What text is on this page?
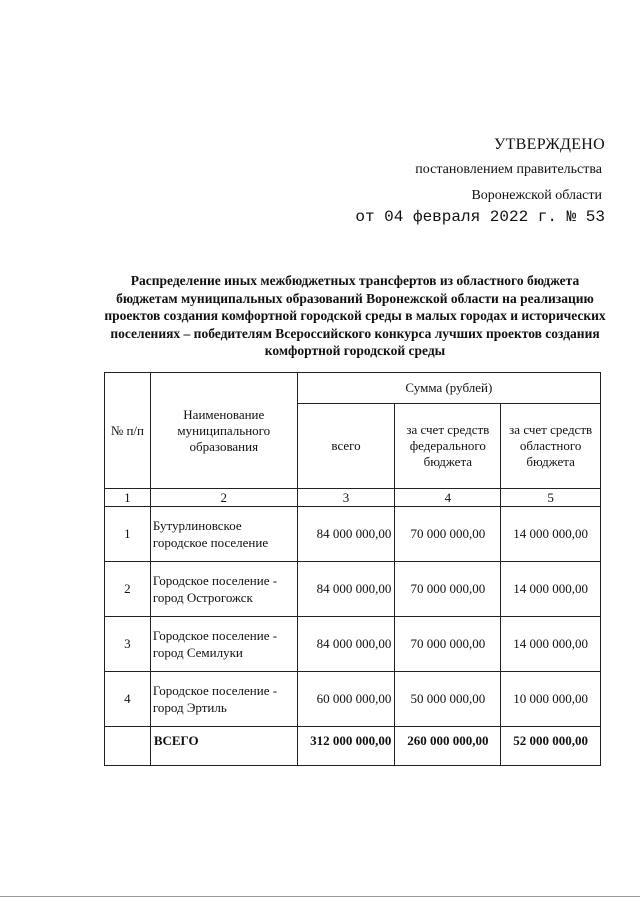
УТВЕРЖДЕНО
постановлением правительства
Воронежской области
от 04 февраля 2022 г. № 53
Распределение иных межбюджетных трансфертов из областного бюджета бюджетам муниципальных образований Воронежской области на реализацию проектов создания комфортной городской среды в малых городах и исторических поселениях – победителям Всероссийского конкурса лучших проектов создания комфортной городской среды
№ п/п	Наименование муниципального образования	Сумма (рублей)		
		всего	за счет средств федерального бюджета	за счет средств областного бюджета
1	2	3	4	5
1	Бутурлиновское городское поселение	84 000 000,00	70 000 000,00	14 000 000,00
2	Городское поселение - город Острогожск	84 000 000,00	70 000 000,00	14 000 000,00
3	Городское поселение - город Семилуки	84 000 000,00	70 000 000,00	14 000 000,00
4	Городское поселение - город Эртиль	60 000 000,00	50 000 000,00	10 000 000,00
	ВСЕГО	312 000 000,00	260 000 000,00	52 000 000,00
